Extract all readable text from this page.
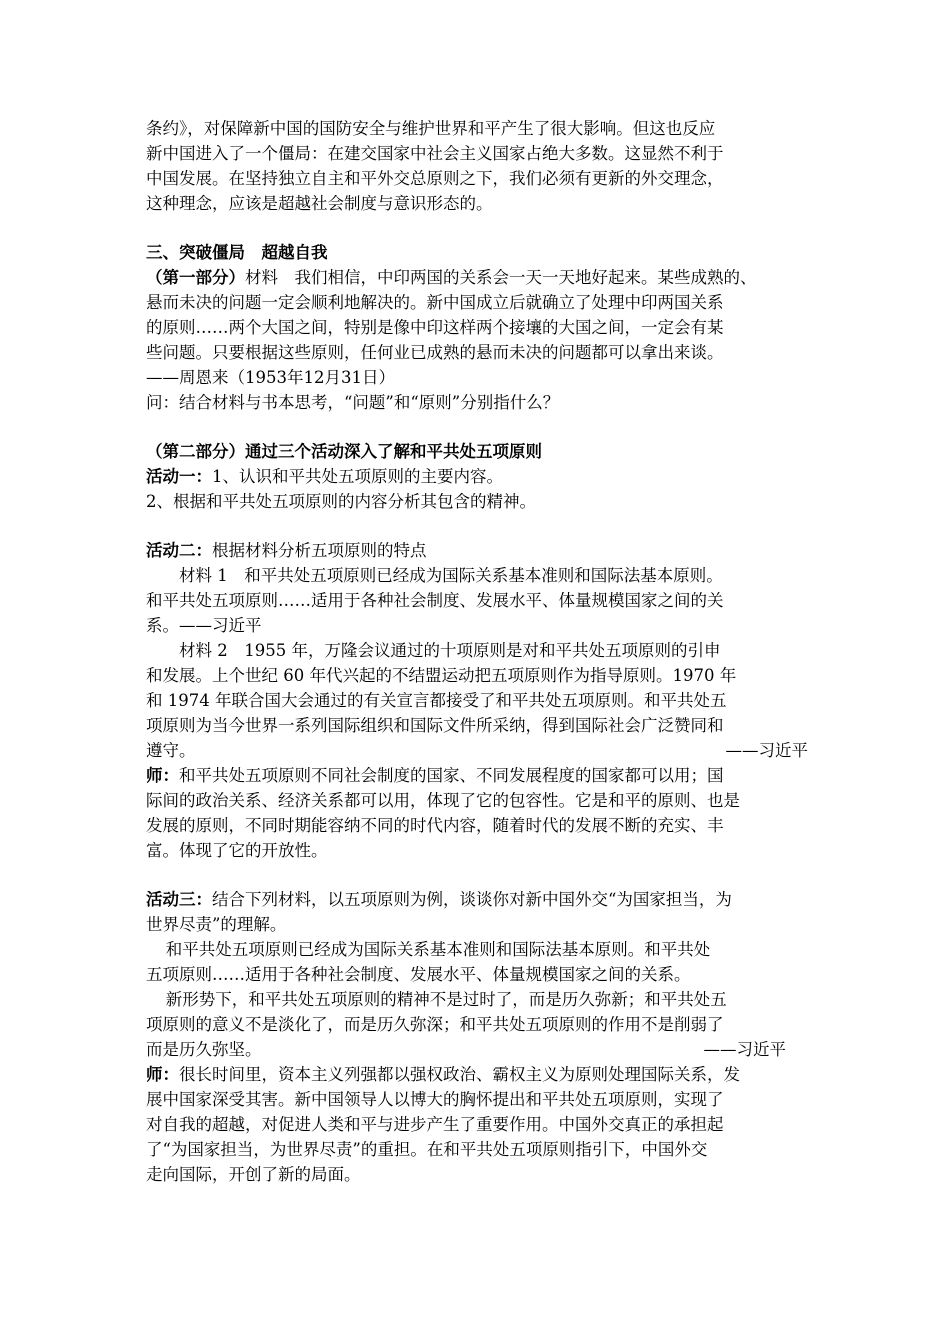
条约》，对保障新中国的国防安全与维护世界和平产生了很大影响。但这也反应

新中国进入了一个僵局：在建交国家中社会主义国家占绝大多数。这显然不利于

中国发展。在坚持独立自主和平外交总原则之下，我们必须有更新的外交理念，

这种理念，应该是超越社会制度与意识形态的。

三、突破僵局　超越自我

（第一部分）材料　我们相信，中印两国的关系会一天一天地好起来。某些成熟的、

悬而未决的问题一定会顺利地解决的。新中国成立后就确立了处理中印两国关系

的原则……两个大国之间，特别是像中印这样两个接壤的大国之间，一定会有某

些问题。只要根据这些原则，任何业已成熟的悬而未决的问题都可以拿出来谈。

——周恩来（1953年12月31日）

问：结合材料与书本思考，“问题”和“原则”分别指什么？

（第二部分）通过三个活动深入了解和平共处五项原则

活动一：1、认识和平共处五项原则的主要内容。

2、根据和平共处五项原则的内容分析其包含的精神。

活动二：根据材料分析五项原则的特点

材料 1　和平共处五项原则已经成为国际关系基本准则和国际法基本原则。

和平共处五项原则……适用于各种社会制度、发展水平、体量规模国家之间的关

系。——习近平

材料 2　1955 年，万隆会议通过的十项原则是对和平共处五项原则的引申

和发展。上个世纪 60 年代兴起的不结盟运动把五项原则作为指导原则。1970 年

和 1974 年联合国大会通过的有关宣言都接受了和平共处五项原则。和平共处五

项原则为当今世界一系列国际组织和国际文件所采纳，得到国际社会广泛赞同和

遵守。	——习近平

师：和平共处五项原则不同社会制度的国家、不同发展程度的国家都可以用；国

际间的政治关系、经济关系都可以用，体现了它的包容性。它是和平的原则、也是

发展的原则，不同时期能容纳不同的时代内容，随着时代的发展不断的充实、丰

富。体现了它的开放性。

活动三：结合下列材料，以五项原则为例，谈谈你对新中国外交“为国家担当，为

世界尽责”的理解。

和平共处五项原则已经成为国际关系基本准则和国际法基本原则。和平共处

五项原则……适用于各种社会制度、发展水平、体量规模国家之间的关系。

新形势下，和平共处五项原则的精神不是过时了，而是历久弥新；和平共处五

项原则的意义不是淡化了，而是历久弥深；和平共处五项原则的作用不是削弱了

而是历久弥坚。	——习近平

师：很长时间里，资本主义列强都以强权政治、霸权主义为原则处理国际关系，发

展中国家深受其害。新中国领导人以博大的胸怀提出和平共处五项原则，实现了

对自我的超越，对促进人类和平与进步产生了重要作用。中国外交真正的承担起

了“为国家担当，为世界尽责”的重担。在和平共处五项原则指引下，中国外交

走向国际，开创了新的局面。
